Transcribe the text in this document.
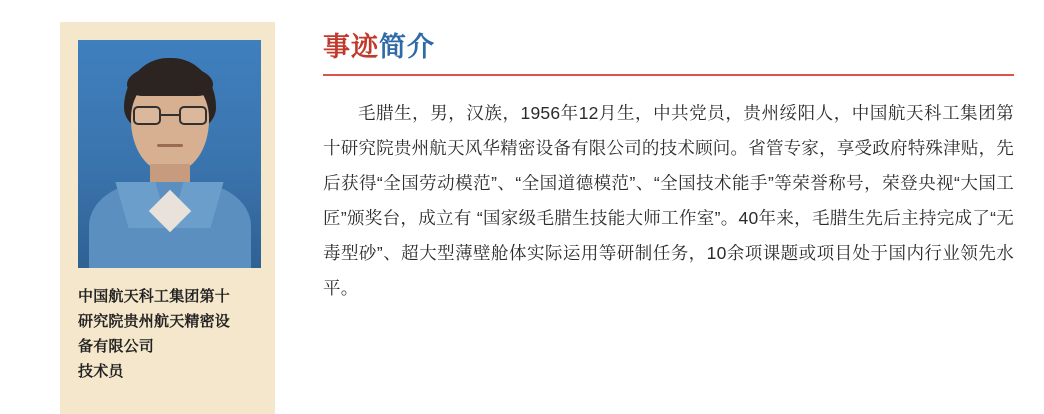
中国航天科工集团第十
研究院贵州航天精密设
备有限公司
技术员
事迹简介

毛腊生，男，汉族，1956年12月生，中共党员，贵州绥阳人，中国航天科工集团第十研究院贵州航天风华精密设备有限公司的技术顾问。省管专家，享受政府特殊津贴，先后获得“全国劳动模范”、“全国道德模范”、“全国技术能手”等荣誉称号，荣登央视“大国工匠”颁奖台，成立有 “国家级毛腊生技能大师工作室”。40年来，毛腊生先后主持完成了“无毒型砂”、超大型薄壁舱体实际运用等研制任务，10余项课题或项目处于国内行业领先水平。
